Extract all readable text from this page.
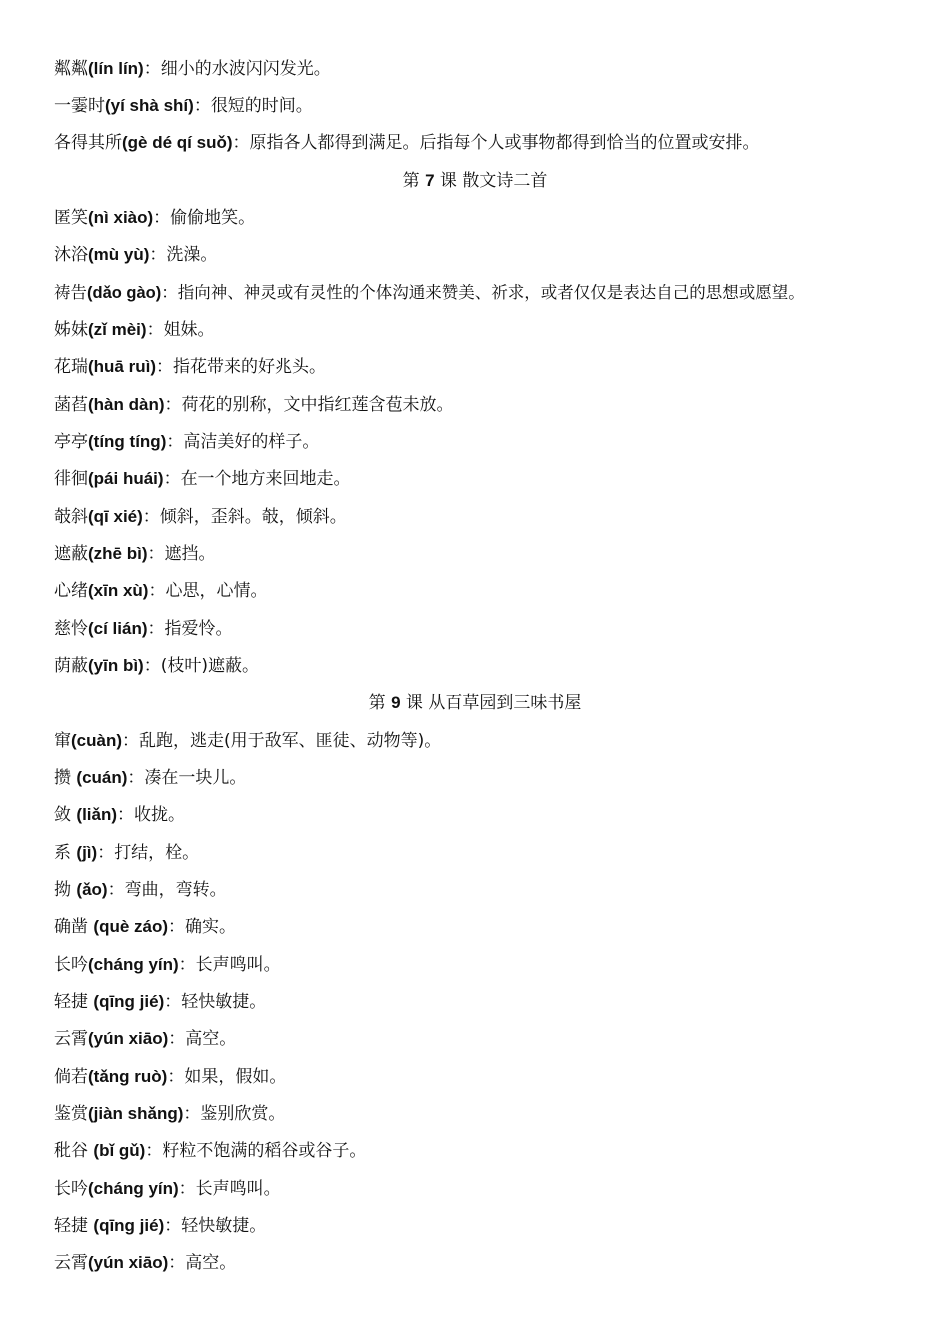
粼粼(lín lín)：细小的水波闪闪发光。
一霎时(yí shà shí)：很短的时间。
各得其所(gè dé qí suǒ)：原指各人都得到满足。后指每个人或事物都得到恰当的位置或安排。
第 7 课 散文诗二首
匿笑(nì xiào)：偷偷地笑。
沐浴(mù yù)：洗澡。
祷告(dǎo gào)：指向神、神灵或有灵性的个体沟通来赞美、祈求，或者仅仅是表达自己的思想或愿望。
姊妹(zǐ mèi)：姐妹。
花瑞(huā ruì)：指花带来的好兆头。
菡萏(hàn dàn)：荷花的别称，文中指红莲含苞未放。
亭亭(tíng tíng)：高洁美好的样子。
徘徊(pái huái)：在一个地方来回地走。
攲斜(qī xié)：倾斜，歪斜。攲，倾斜。
遮蔽(zhē bì)：遮挡。
心绪(xīn xù)：心思，心情。
慈怜(cí lián)：指爱怜。
荫蔽(yīn bì)：(枝叶)遮蔽。
第 9 课 从百草园到三味书屋
窜(cuàn)：乱跑，逃走(用于敌军、匪徒、动物等)。
攒 (cuán)：凑在一块儿。
敛 (liǎn)：收拢。
系 (jì)：打结，栓。
拗 (ǎo)：弯曲，弯转。
确凿 (què záo)：确实。
长吟(cháng yín)：长声鸣叫。
轻捷 (qīng jié)：轻快敏捷。
云霄(yún xiāo)：高空。
倘若(tǎng ruò)：如果，假如。
鉴赏(jiàn shǎng)：鉴别欣赏。
秕谷 (bǐ gǔ)：籽粒不饱满的稻谷或谷子。
长吟(cháng yín)：长声鸣叫。
轻捷 (qīng jié)：轻快敏捷。
云霄(yún xiāo)：高空。
